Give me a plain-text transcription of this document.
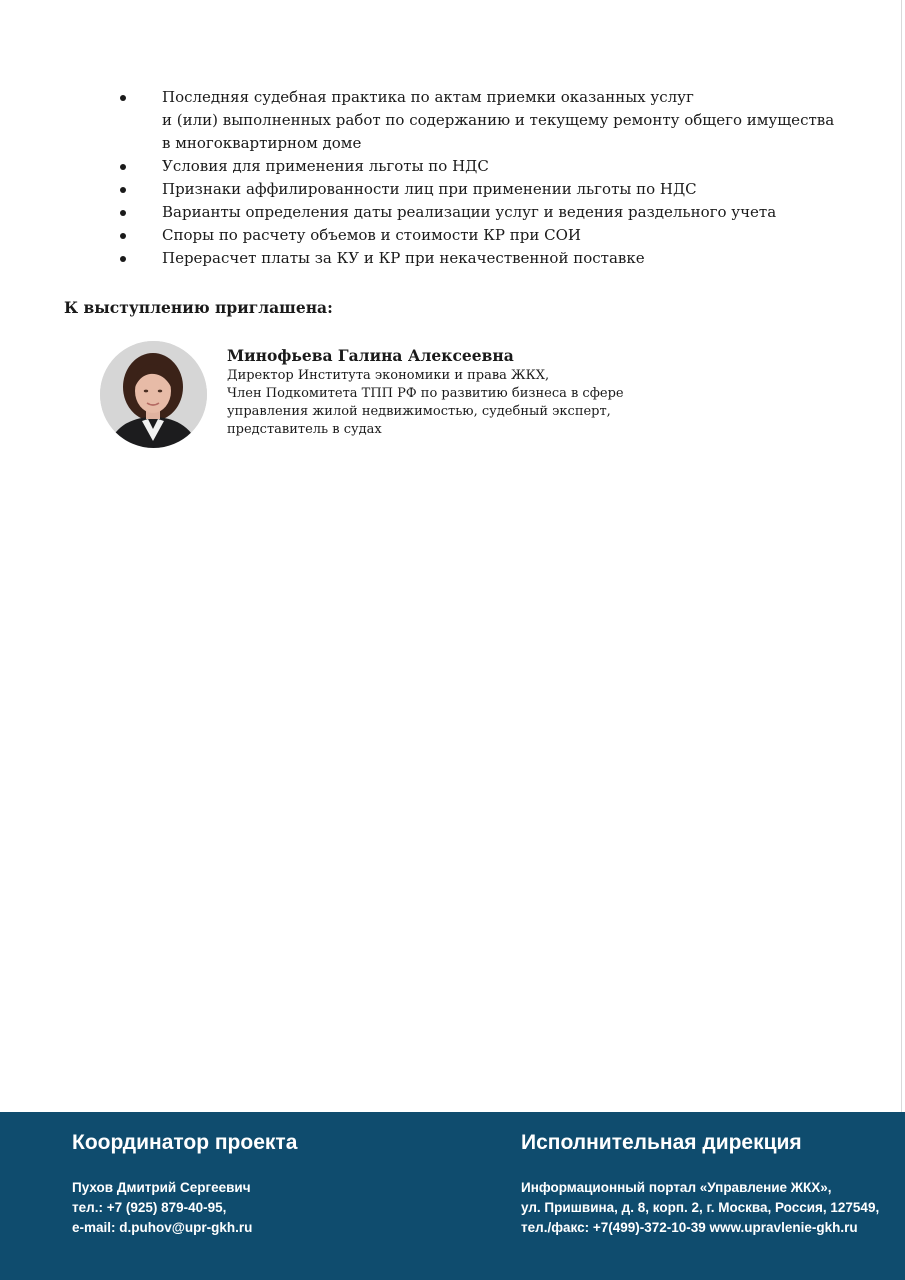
Последняя судебная практика по актам приемки оказанных услуг
и (или) выполненных работ по содержанию и текущему ремонту общего имущества
в многоквартирном доме
Условия для применения льготы по НДС
Признаки аффилированности лиц при применении льготы по НДС
Варианты определения даты реализации услуг и ведения раздельного учета
Споры по расчету объемов и стоимости КР при СОИ
Перерасчет платы за КУ и КР при некачественной поставке
К выступлению приглашена:
Минофьева Галина Алексеевна
Директор Института экономики и права ЖКХ,
Член Подкомитета ТПП РФ по развитию бизнеса в сфере
управления жилой недвижимостью, судебный эксперт,
представитель в судах
Координатор проекта
Пухов Дмитрий Сергеевич
тел.: +7 (925) 879-40-95,
e-mail: d.puhov@upr-gkh.ru
Исполнительная дирекция
Информационный портал «Управление ЖКХ»,
ул. Пришвина, д. 8, корп. 2, г. Москва, Россия, 127549,
тел./факс: +7(499)-372-10-39 www.upravlenie-gkh.ru
